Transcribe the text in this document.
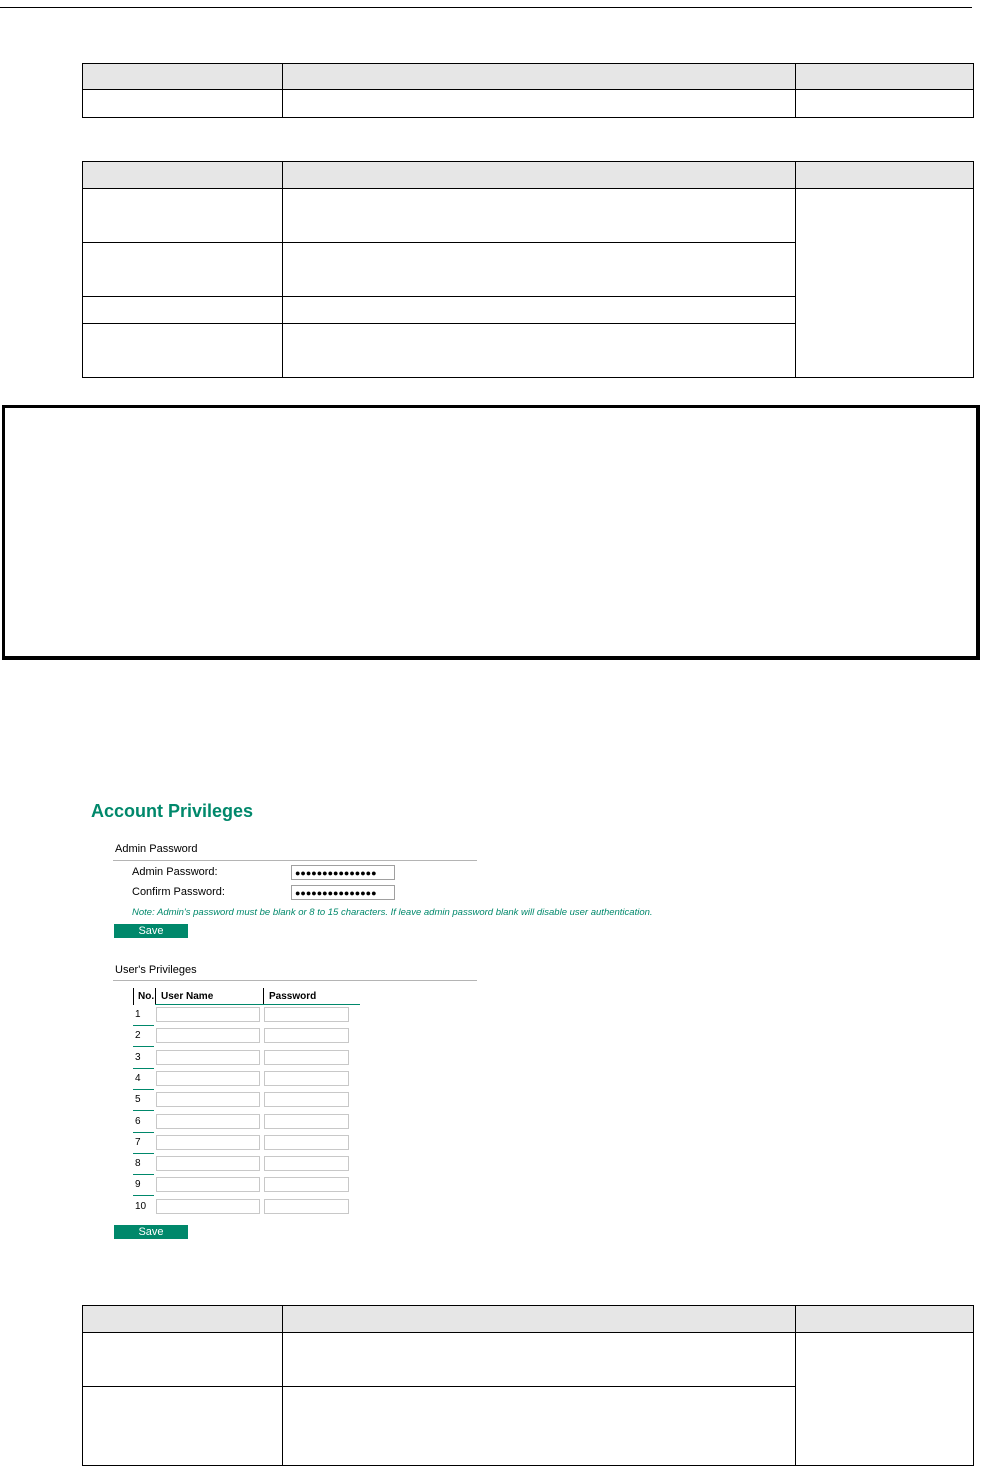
Account Privileges
Admin Password
Admin Password:	●●●●●●●●●●●●●●●
Confirm Password:	●●●●●●●●●●●●●●●
Note: Admin's password must be blank or 8 to 15 characters. If leave admin password blank will disable user authentication.
Save
User's Privileges
No. User Name	Password
1
2
3
4
5
6
7
8
9
10
Save
